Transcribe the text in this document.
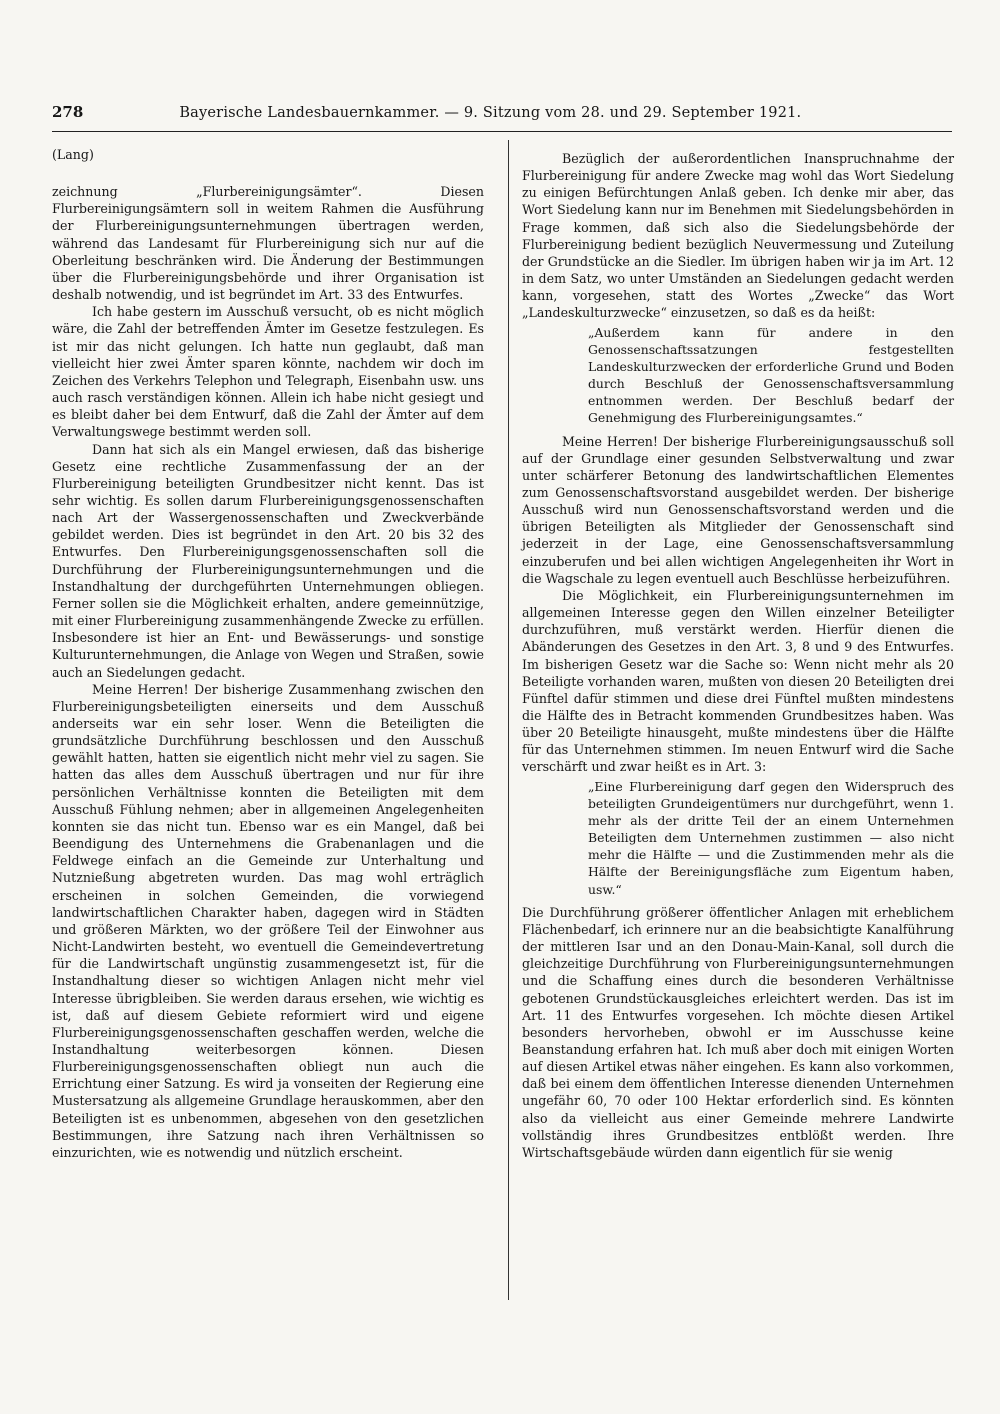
278	Bayerische Landesbauernkammer. — 9. Sitzung vom 28. und 29. September 1921.

(Lang)

zeichnung „Flurbereinigungsämter“. Diesen Flurbereinigungsämtern soll in weitem Rahmen die Ausführung der Flurbereinigungsunternehmungen übertragen werden, während das Landesamt für Flurbereinigung sich nur auf die Oberleitung beschränken wird. Die Änderung der Bestimmungen über die Flurbereinigungsbehörde und ihrer Organisation ist deshalb notwendig, und ist begründet im Art. 33 des Entwurfes.

Ich habe gestern im Ausschuß versucht, ob es nicht möglich wäre, die Zahl der betreffenden Ämter im Gesetze festzulegen. Es ist mir das nicht gelungen. Ich hatte nun geglaubt, daß man vielleicht hier zwei Ämter sparen könnte, nachdem wir doch im Zeichen des Verkehrs Telephon und Telegraph, Eisenbahn usw. uns auch rasch verständigen können. Allein ich habe nicht gesiegt und es bleibt daher bei dem Entwurf, daß die Zahl der Ämter auf dem Verwaltungswege bestimmt werden soll.

Dann hat sich als ein Mangel erwiesen, daß das bisherige Gesetz eine rechtliche Zusammenfassung der an der Flurbereinigung beteiligten Grundbesitzer nicht kennt. Das ist sehr wichtig. Es sollen darum Flurbereinigungsgenossenschaften nach Art der Wassergenossenschaften und Zweckverbände gebildet werden. Dies ist begründet in den Art. 20 bis 32 des Entwurfes. Den Flurbereinigungsgenossenschaften soll die Durchführung der Flurbereinigungsunternehmungen und die Instandhaltung der durchgeführten Unternehmungen obliegen. Ferner sollen sie die Möglichkeit erhalten, andere gemeinnützige, mit einer Flurbereinigung zusammenhängende Zwecke zu erfüllen. Insbesondere ist hier an Ent- und Bewässerungs- und sonstige Kulturunternehmungen, die Anlage von Wegen und Straßen, sowie auch an Siedelungen gedacht.

Meine Herren! Der bisherige Zusammenhang zwischen den Flurbereinigungsbeteiligten einerseits und dem Ausschuß anderseits war ein sehr loser. Wenn die Beteiligten die grundsätzliche Durchführung beschlossen und den Ausschuß gewählt hatten, hatten sie eigentlich nicht mehr viel zu sagen. Sie hatten das alles dem Ausschuß übertragen und nur für ihre persönlichen Verhältnisse konnten die Beteiligten mit dem Ausschuß Fühlung nehmen; aber in allgemeinen Angelegenheiten konnten sie das nicht tun. Ebenso war es ein Mangel, daß bei Beendigung des Unternehmens die Grabenanlagen und die Feldwege einfach an die Gemeinde zur Unterhaltung und Nutznießung abgetreten wurden. Das mag wohl erträglich erscheinen in solchen Gemeinden, die vorwiegend landwirtschaftlichen Charakter haben, dagegen wird in Städten und größeren Märkten, wo der größere Teil der Einwohner aus Nicht-Landwirten besteht, wo eventuell die Gemeindevertretung für die Landwirtschaft ungünstig zusammengesetzt ist, für die Instandhaltung dieser so wichtigen Anlagen nicht mehr viel Interesse übrigbleiben. Sie werden daraus ersehen, wie wichtig es ist, daß auf diesem Gebiete reformiert wird und eigene Flurbereinigungsgenossenschaften geschaffen werden, welche die Instandhaltung weiterbesorgen können. Diesen Flurbereinigungsgenossenschaften obliegt nun auch die Errichtung einer Satzung. Es wird ja vonseiten der Regierung eine Mustersatzung als allgemeine Grundlage herauskommen, aber den Beteiligten ist es unbenommen, abgesehen von den gesetzlichen Bestimmungen, ihre Satzung nach ihren Verhältnissen so einzurichten, wie es notwendig und nützlich erscheint.

Bezüglich der außerordentlichen Inanspruchnahme der Flurbereinigung für andere Zwecke mag wohl das Wort Siedelung zu einigen Befürchtungen Anlaß geben. Ich denke mir aber, das Wort Siedelung kann nur im Benehmen mit Siedelungsbehörden in Frage kommen, daß sich also die Siedelungsbehörde der Flurbereinigung bedient bezüglich Neuvermessung und Zuteilung der Grundstücke an die Siedler. Im übrigen haben wir ja im Art. 12 in dem Satz, wo unter Umständen an Siedelungen gedacht werden kann, vorgesehen, statt des Wortes „Zwecke“ das Wort „Landeskulturzwecke“ einzusetzen, so daß es da heißt:

„Außerdem kann für andere in den Genossenschaftssatzungen festgestellten Landeskulturzwecken der erforderliche Grund und Boden durch Beschluß der Genossenschaftsversammlung entnommen werden. Der Beschluß bedarf der Genehmigung des Flurbereinigungsamtes.“

Meine Herren! Der bisherige Flurbereinigungsausschuß soll auf der Grundlage einer gesunden Selbstverwaltung und zwar unter schärferer Betonung des landwirtschaftlichen Elementes zum Genossenschaftsvorstand ausgebildet werden. Der bisherige Ausschuß wird nun Genossenschaftsvorstand werden und die übrigen Beteiligten als Mitglieder der Genossenschaft sind jederzeit in der Lage, eine Genossenschaftsversammlung einzuberufen und bei allen wichtigen Angelegenheiten ihr Wort in die Wagschale zu legen eventuell auch Beschlüsse herbeizuführen.

Die Möglichkeit, ein Flurbereinigungsunternehmen im allgemeinen Interesse gegen den Willen einzelner Beteiligter durchzuführen, muß verstärkt werden. Hierfür dienen die Abänderungen des Gesetzes in den Art. 3, 8 und 9 des Entwurfes. Im bisherigen Gesetz war die Sache so: Wenn nicht mehr als 20 Beteiligte vorhanden waren, mußten von diesen 20 Beteiligten drei Fünftel dafür stimmen und diese drei Fünftel mußten mindestens die Hälfte des in Betracht kommenden Grundbesitzes haben. Was über 20 Beteiligte hinausgeht, mußte mindestens über die Hälfte für das Unternehmen stimmen. Im neuen Entwurf wird die Sache verschärft und zwar heißt es in Art. 3:

„Eine Flurbereinigung darf gegen den Widerspruch des beteiligten Grundeigentümers nur durchgeführt, wenn 1. mehr als der dritte Teil der an einem Unternehmen Beteiligten dem Unternehmen zustimmen — also nicht mehr die Hälfte — und die Zustimmenden mehr als die Hälfte der Bereinigungsfläche zum Eigentum haben, usw.“

Die Durchführung größerer öffentlicher Anlagen mit erheblichem Flächenbedarf, ich erinnere nur an die beabsichtigte Kanalführung der mittleren Isar und an den Donau-Main-Kanal, soll durch die gleichzeitige Durchführung von Flurbereinigungsunternehmungen und die Schaffung eines durch die besonderen Verhältnisse gebotenen Grundstückausgleiches erleichtert werden. Das ist im Art. 11 des Entwurfes vorgesehen. Ich möchte diesen Artikel besonders hervorheben, obwohl er im Ausschusse keine Beanstandung erfahren hat. Ich muß aber doch mit einigen Worten auf diesen Artikel etwas näher eingehen. Es kann also vorkommen, daß bei einem dem öffentlichen Interesse dienenden Unternehmen ungefähr 60, 70 oder 100 Hektar erforderlich sind. Es könnten also da vielleicht aus einer Gemeinde mehrere Landwirte vollständig ihres Grundbesitzes entblößt werden. Ihre Wirtschaftsgebäude würden dann eigentlich für sie wenig
